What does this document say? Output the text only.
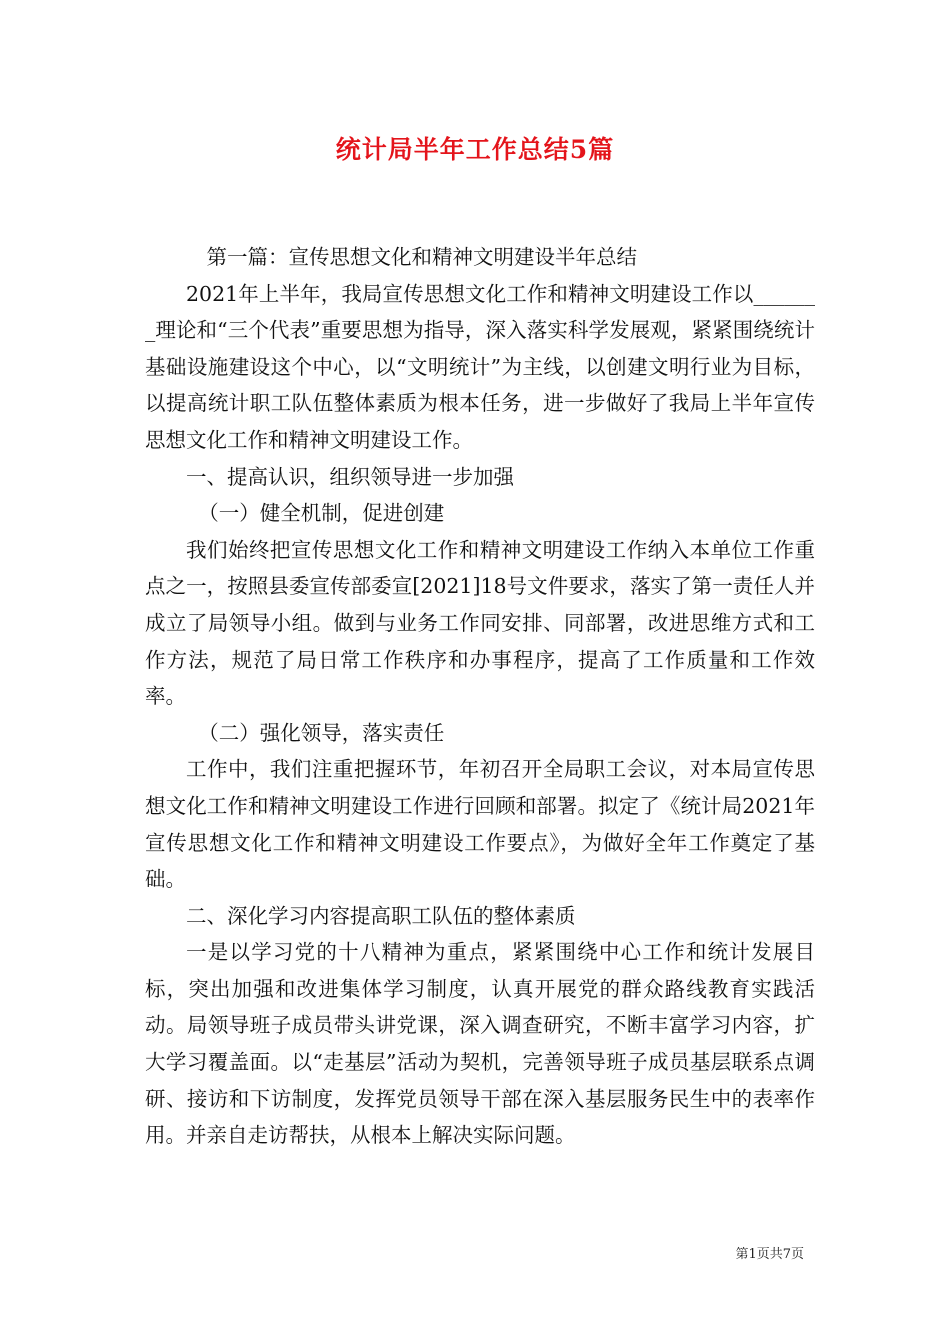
统计局半年工作总结5篇

第一篇：宣传思想文化和精神文明建设半年总结

2021年上半年，我局宣传思想文化工作和精神文明建设工作以_______理论和“三个代表”重要思想为指导，深入落实科学发展观，紧紧围绕统计基础设施建设这个中心，以“文明统计”为主线，以创建文明行业为目标，以提高统计职工队伍整体素质为根本任务，进一步做好了我局上半年宣传思想文化工作和精神文明建设工作。

一、提高认识，组织领导进一步加强

（一）健全机制，促进创建

我们始终把宣传思想文化工作和精神文明建设工作纳入本单位工作重点之一，按照县委宣传部委宣[2021]18号文件要求，落实了第一责任人并成立了局领导小组。做到与业务工作同安排、同部署，改进思维方式和工作方法，规范了局日常工作秩序和办事程序，提高了工作质量和工作效率。

（二）强化领导，落实责任

工作中，我们注重把握环节，年初召开全局职工会议，对本局宣传思想文化工作和精神文明建设工作进行回顾和部署。拟定了《统计局2021年宣传思想文化工作和精神文明建设工作要点》，为做好全年工作奠定了基础。

二、深化学习内容提高职工队伍的整体素质

一是以学习党的十八精神为重点，紧紧围绕中心工作和统计发展目标，突出加强和改进集体学习制度，认真开展党的群众路线教育实践活动。局领导班子成员带头讲党课，深入调查研究，不断丰富学习内容，扩大学习覆盖面。以“走基层”活动为契机，完善领导班子成员基层联系点调研、接访和下访制度，发挥党员领导干部在深入基层服务民生中的表率作用。并亲自走访帮扶，从根本上解决实际问题。

第1页共7页
